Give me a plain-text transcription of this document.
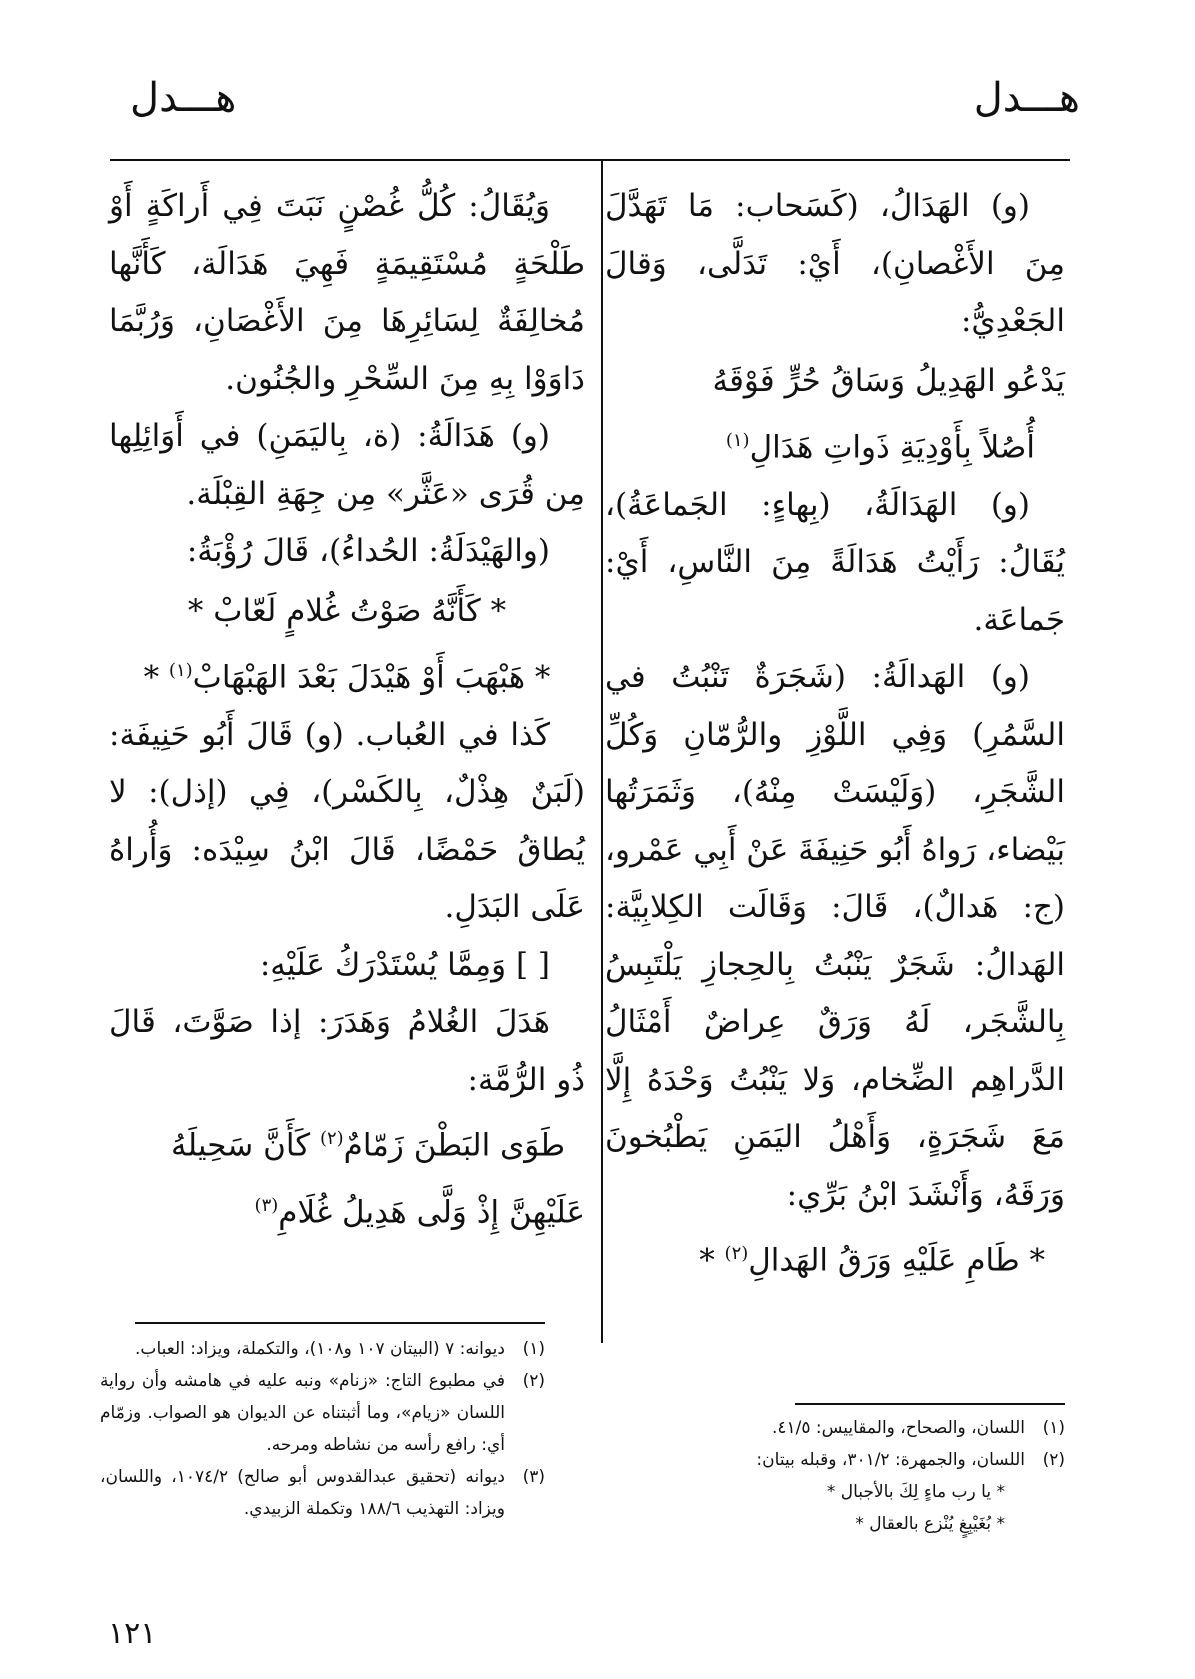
هـــدل
هـــدل

(و) الهَدَالُ، (كَسَحاب: مَا تَهَدَّلَ مِنَ الأَغْصانِ)، أَيْ: تَدَلَّى، وَقالَ الجَعْدِيُّ:

يَدْعُو الهَدِيلُ وَسَاقُ حُرٍّ فَوْقَهُ

أُصُلاً بِأَوْدِيَةِ ذَواتِ هَدَالِ$^{(١)}$

(و) الهَدَالَةُ، (بِهاءٍ: الجَماعَةُ)، يُقَالُ: رَأَيْتُ هَدَالَةً مِنَ النَّاسِ، أَيْ: جَماعَة.

(و) الهَدالَةُ: (شَجَرَةٌ تَنْبُتُ في السَّمُرِ) وَفِي اللَّوْزِ والرُّمّانِ وَكُلِّ الشَّجَرِ، (وَلَيْسَتْ مِنْهُ)، وَثَمَرَتُها بَيْضاء، رَواهُ أَبُو حَنِيفَةَ عَنْ أَبِي عَمْرو، (ج: هَدالٌ)، قَالَ: وَقَالَت الكِلابِيَّة: الهَدالُ: شَجَرٌ يَنْبُتُ بِالحِجازِ يَلْتَبِسُ بِالشَّجَر، لَهُ وَرَقٌ عِراضٌ أَمْثَالُ الدَّراهِم الضِّخام، وَلا يَنْبُتُ وَحْدَهُ إِلَّا مَعَ شَجَرَةٍ، وَأَهْلُ اليَمَنِ يَطْبُخونَ وَرَقَهُ، وَأَنْشَدَ ابْنُ بَرِّي:

* طَامِ عَلَيْهِ وَرَقُ الهَدالِ$^{(٢)}$ *

وَيُقَالُ: كُلُّ غُصْنٍ نَبَتَ فِي أَراكَةٍ أَوْ طَلْحَةٍ مُسْتَقِيمَةٍ فَهِيَ هَدَالَة، كَأَنَّها مُخالِفَةٌ لِسَائِرِهَا مِنَ الأَغْصَانِ، وَرُبَّمَا دَاوَوْا بِهِ مِنَ السِّحْرِ والجُنُون.

(و) هَدَالَةُ: (ة، بِاليَمَنِ) في أَوَائِلِها مِن قُرَى «عَثَّر» مِن جِهَةِ القِبْلَة.

(والهَيْدَلَةُ: الحُداءُ)، قَالَ رُؤْبَةُ:

* كَأَنَّهُ صَوْتُ غُلامٍ لَعّابْ *

* هَبْهَبَ أَوْ هَيْدَلَ بَعْدَ الهَبْهَابْ$^{(١)}$ *

كَذا في العُباب. (و) قَالَ أَبُو حَنِيفَة: (لَبَنٌ هِذْلٌ، بِالكَسْر)، فِي (إذل): لا يُطاقُ حَمْضًا، قَالَ ابْنُ سِيْدَه: وَأُراهُ عَلَى البَدَلِ.

[ ] وَمِمَّا يُسْتَدْرَكُ عَلَيْهِ:

هَدَلَ الغُلامُ وَهَدَرَ: إذا صَوَّتَ، قَالَ ذُو الرُّمَّة:

طَوَى البَطْنَ زَمّامٌ$^{(٢)}$ كَأَنَّ سَحِيلَهُ

عَلَيْهِنَّ إِذْ وَلَّى هَدِيلُ غُلَامِ$^{(٣)}$

(١)
ديوانه: ٧ (البيتان ١٠٧ و١٠٨)، والتكملة، ويزاد: العباب.
(٢)
في مطبوع التاج: «زنام» ونبه عليه في هامشه وأن رواية اللسان «زيام»، وما أثبتناه عن الديوان هو الصواب. وزمّام أي: رافع رأسه من نشاطه ومرحه.
(٣)
ديوانه (تحقيق عبدالقدوس أبو صالح) ١٠٧٤/٢، واللسان، ويزاد: التهذيب ١٨٨/٦ وتكملة الزبيدي.
(١)
اللسان، والصحاح، والمقاييس: ٤١/٥.
(٢)
اللسان، والجمهرة: ٣٠١/٢، وقبله بيتان:

* يا رب ماءٍ لِكَ بالأجبال *

* بُغَيْبِغٍ يُنْزع بالعقال *

١٢١
